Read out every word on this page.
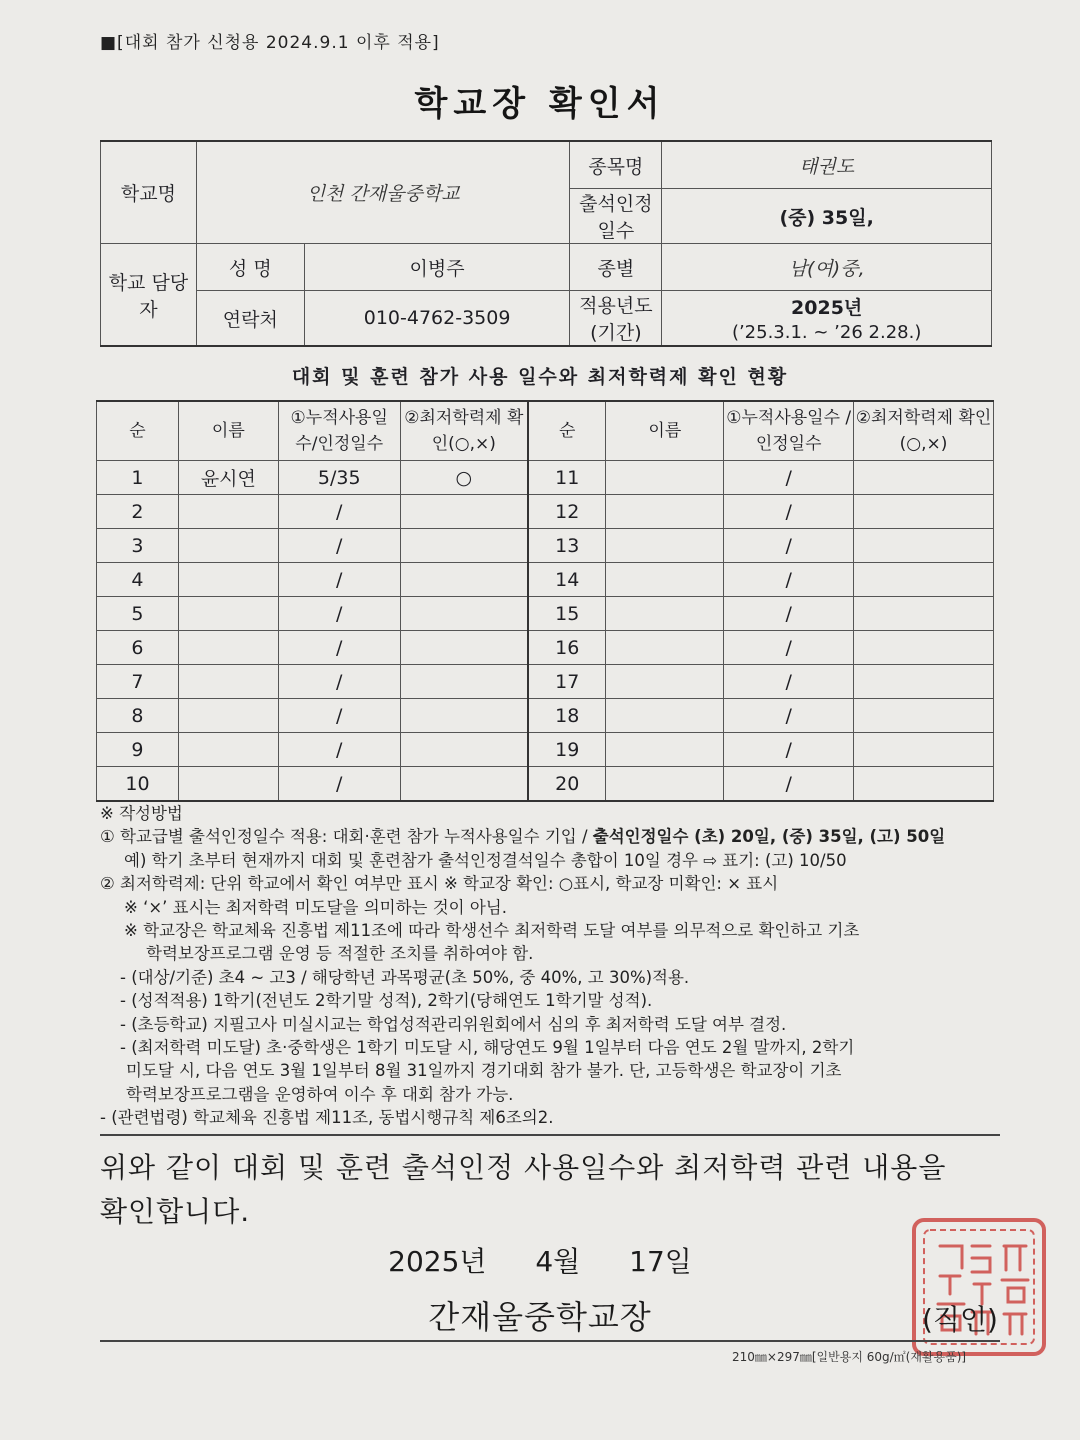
■[대회 참가 신청용 2024.9.1 이후 적용]
학교장 확인서
학교명	인천 간재울중학교		종목명	태권도
			출석인정 일수	(중) 35일,
학교 담당자	성 명	이병주	종별	남(여)중,
	연락처	010-4762-3509	적용년도 (기간)	2025년
(’25.3.1. ~ ’26 2.28.)
대회 및 훈련 참가 사용 일수와 최저학력제 확인 현황
순	이름	①누적사용일 수/인정일수	②최저학력제 확인(○,×)	순	이름	①누적사용일수 /인정일수	②최저학력제 확인(○,×)
1	윤시연	5/35	○	11		/	
2		/		12		/	
3		/		13		/	
4		/		14		/	
5		/		15		/	
6		/		16		/	
7		/		17		/	
8		/		18		/	
9		/		19		/	
10		/		20		/	
※ 작성방법
① 학교급별 출석인정일수 적용: 대회·훈련 참가 누적사용일수 기입 / 출석인정일수 (초) 20일, (중) 35일, (고) 50일
예) 학기 초부터 현재까지 대회 및 훈련참가 출석인정결석일수 총합이 10일 경우 ⇨ 표기: (고) 10/50
② 최저학력제: 단위 학교에서 확인 여부만 표시 ※ 학교장 확인: ○표시, 학교장 미확인: × 표시
※ ‘×’ 표시는 최저학력 미도달을 의미하는 것이 아님.
※ 학교장은 학교체육 진흥법 제11조에 따라 학생선수 최저학력 도달 여부를 의무적으로 확인하고 기초
학력보장프로그램 운영 등 적절한 조치를 취하여야 함.
- (대상/기준) 초4 ~ 고3 / 해당학년 과목평균(초 50%, 중 40%, 고 30%)적용.
- (성적적용) 1학기(전년도 2학기말 성적), 2학기(당해연도 1학기말 성적).
- (초등학교) 지필고사 미실시교는 학업성적관리위원회에서 심의 후 최저학력 도달 여부 결정.
- (최저학력 미도달) 초·중학생은 1학기 미도달 시, 해당연도 9월 1일부터 다음 연도 2월 말까지, 2학기
미도달 시, 다음 연도 3월 1일부터 8월 31일까지 경기대회 참가 불가. 단, 고등학생은 학교장이 기초
학력보장프로그램을 운영하여 이수 후 대회 참가 가능.
- (관련법령) 학교체육 진흥법 제11조, 동법시행규칙 제6조의2.
위와 같이 대회 및 훈련 출석인정 사용일수와 최저학력 관련 내용을
확인합니다.
2025년 4월 17일
간재울중학교장	(직인)
210㎜×297㎜[일반용지 60g/㎡(재활용품)]
